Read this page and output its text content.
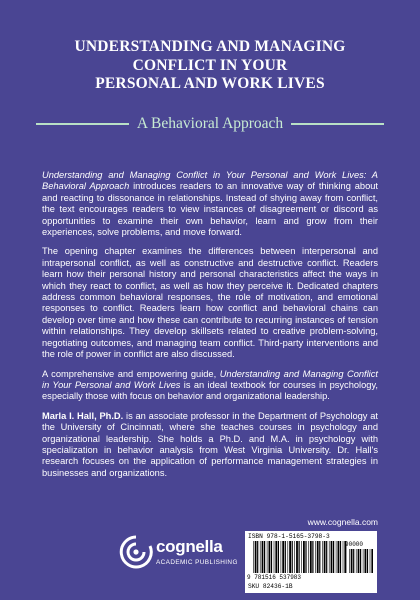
UNDERSTANDING AND MANAGING
CONFLICT IN YOUR
PERSONAL AND WORK LIVES
A Behavioral Approach

Understanding and Managing Conflict in Your Personal and Work Lives: A Behavioral Approach introduces readers to an innovative way of thinking about and reacting to dissonance in relationships. Instead of shying away from conflict, the text encourages readers to view instances of disagreement or discord as opportunities to examine their own behavior, learn and grow from their experiences, solve problems, and move forward.

The opening chapter examines the differences between interpersonal and intrapersonal conflict, as well as constructive and destructive conflict. Readers learn how their personal history and personal characteristics affect the ways in which they react to conflict, as well as how they perceive it. Dedicated chapters address common behavioral responses, the role of motivation, and emotional responses to conflict. Readers learn how conflict and behavioral chains can develop over time and how these can contribute to recurring instances of tension within relationships. They develop skillsets related to creative problem-solving, negotiating outcomes, and managing team conflict. Third-party interventions and the role of power in conflict are also discussed.

A comprehensive and empowering guide, Understanding and Managing Conflict in Your Personal and Work Lives is an ideal textbook for courses in psychology, especially those with focus on behavior and organizational leadership.

Marla I. Hall, Ph.D. is an associate professor in the Department of Psychology at the University of Cincinnati, where she teaches courses in psychology and organizational leadership. She holds a Ph.D. and M.A. in psychology with specialization in behavior analysis from West Virginia University. Dr. Hall's research focuses on the application of performance management strategies in businesses and organizations.

www.cognella.com
cognella
ACADEMIC PUBLISHING
ISBN 978-1-5165-3798-3
90000
9 781516 537983
SKU 82436-1B
